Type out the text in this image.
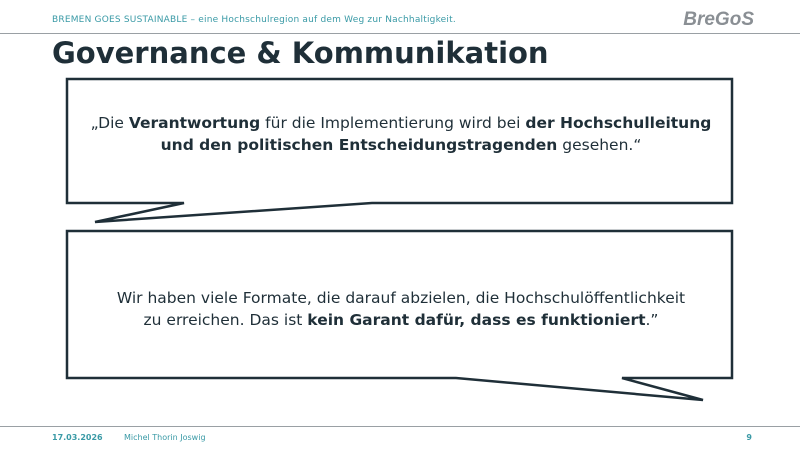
BREMEN GOES SUSTAINABLE – eine Hochschulregion auf dem Weg zur Nachhaltigkeit.	BreGoS
Governance & Kommunikation
„Die Verantwortung für die Implementierung wird bei der Hochschulleitung
und den politischen Entscheidungstragenden gesehen.“
Wir haben viele Formate, die darauf abzielen, die Hochschulöffentlichkeit
zu erreichen. Das ist kein Garant dafür, dass es funktioniert.”
17.03.2026	Michel Thorin Joswig	9
